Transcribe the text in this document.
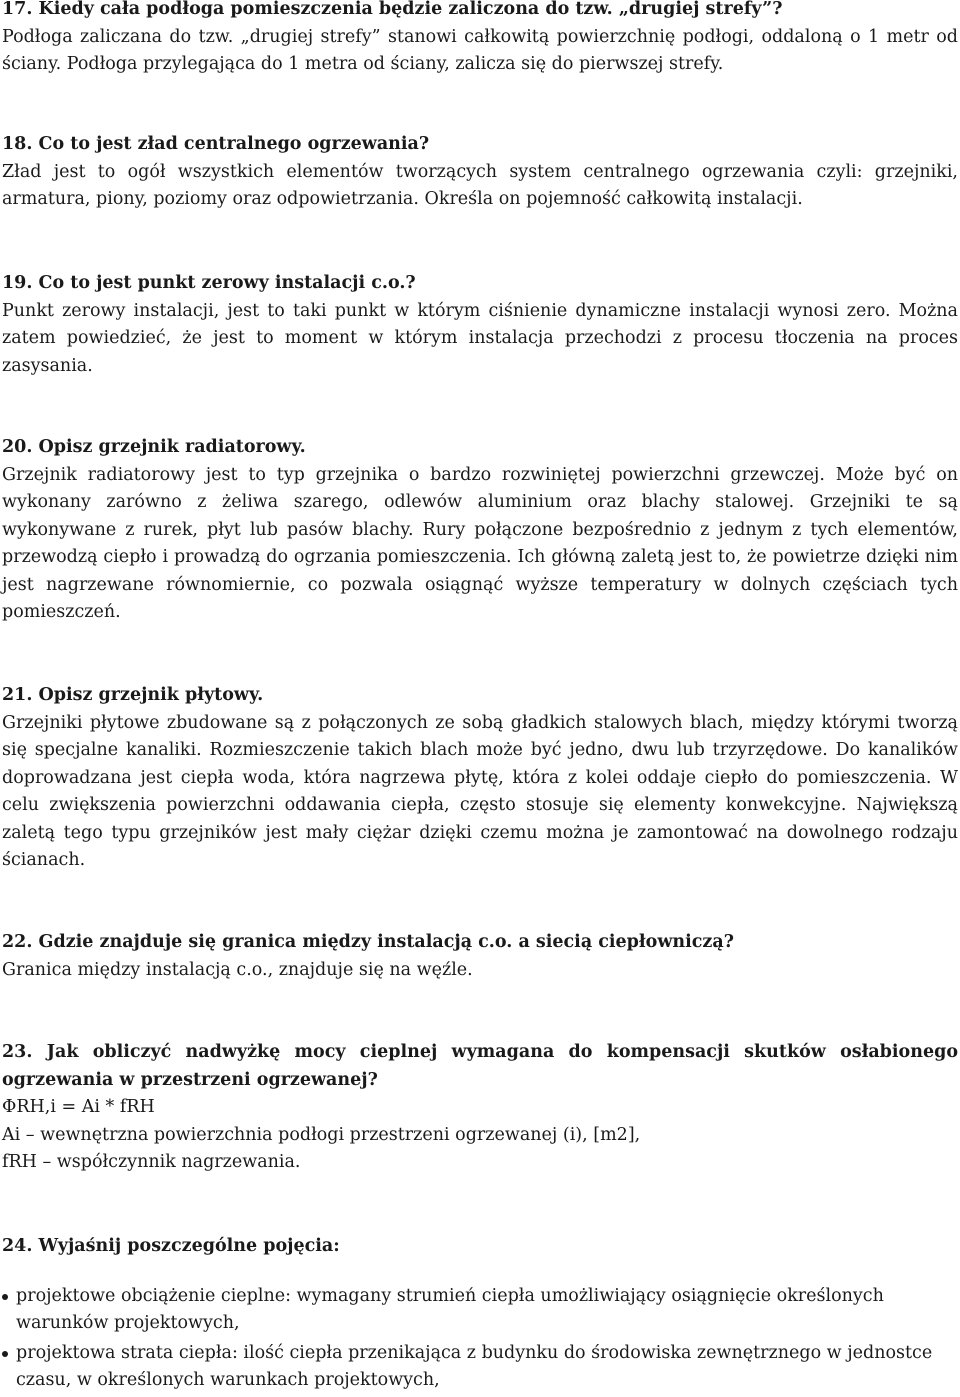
17. Kiedy cała podłoga pomieszczenia będzie zaliczona do tzw. „drugiej strefy”?

Podłoga zaliczana do tzw. „drugiej strefy” stanowi całkowitą powierzchnię podłogi, oddaloną o 1 metr od ściany. Podłoga przylegająca do 1 metra od ściany, zalicza się do pierwszej strefy.

18. Co to jest zład centralnego ogrzewania?

Zład jest to ogół wszystkich elementów tworzących system centralnego ogrzewania czyli: grzejniki, armatura, piony, poziomy oraz odpowietrzania. Określa on pojemność całkowitą instalacji.

19. Co to jest punkt zerowy instalacji c.o.?

Punkt zerowy instalacji, jest to taki punkt w którym ciśnienie dynamiczne instalacji wynosi zero. Można zatem powiedzieć, że jest to moment w którym instalacja przechodzi z procesu tłoczenia na proces zasysania.

20. Opisz grzejnik radiatorowy.

Grzejnik radiatorowy jest to typ grzejnika o bardzo rozwiniętej powierzchni grzewczej. Może być on wykonany zarówno z żeliwa szarego, odlewów aluminium oraz blachy stalowej. Grzejniki te są wykonywane z rurek, płyt lub pasów blachy. Rury połączone bezpośrednio z jednym z tych elementów, przewodzą ciepło i prowadzą do ogrzania pomieszczenia. Ich główną zaletą jest to, że powietrze dzięki nim jest nagrzewane równomiernie, co pozwala osiągnąć wyższe temperatury w dolnych częściach tych pomieszczeń.

21. Opisz grzejnik płytowy.

Grzejniki płytowe zbudowane są z połączonych ze sobą gładkich stalowych blach, między którymi tworzą się specjalne kanaliki. Rozmieszczenie takich blach może być jedno, dwu lub trzyrzędowe. Do kanalików doprowadzana jest ciepła woda, która nagrzewa płytę, która z kolei oddaje ciepło do pomieszczenia. W celu zwiększenia powierzchni oddawania ciepła, często stosuje się elementy konwekcyjne. Największą zaletą tego typu grzejników jest mały ciężar dzięki czemu można je zamontować na dowolnego rodzaju ścianach.

22. Gdzie znajduje się granica między instalacją c.o. a siecią ciepłowniczą?

Granica między instalacją c.o., znajduje się na węźle.

23. Jak obliczyć nadwyżkę mocy cieplnej wymagana do kompensacji skutków osłabionego ogrzewania w przestrzeni ogrzewanej?

ΦRH,i = Ai * fRH

Ai – wewnętrzna powierzchnia podłogi przestrzeni ogrzewanej (i), [m2],

fRH – współczynnik nagrzewania.

24. Wyjaśnij poszczególne pojęcia:

projektowe obciążenie cieplne: wymagany strumień ciepła umożliwiający osiągnięcie określonych warunków projektowych,
projektowa strata ciepła: ilość ciepła przenikająca z budynku do środowiska zewnętrznego w jednostce czasu, w określonych warunkach projektowych,
